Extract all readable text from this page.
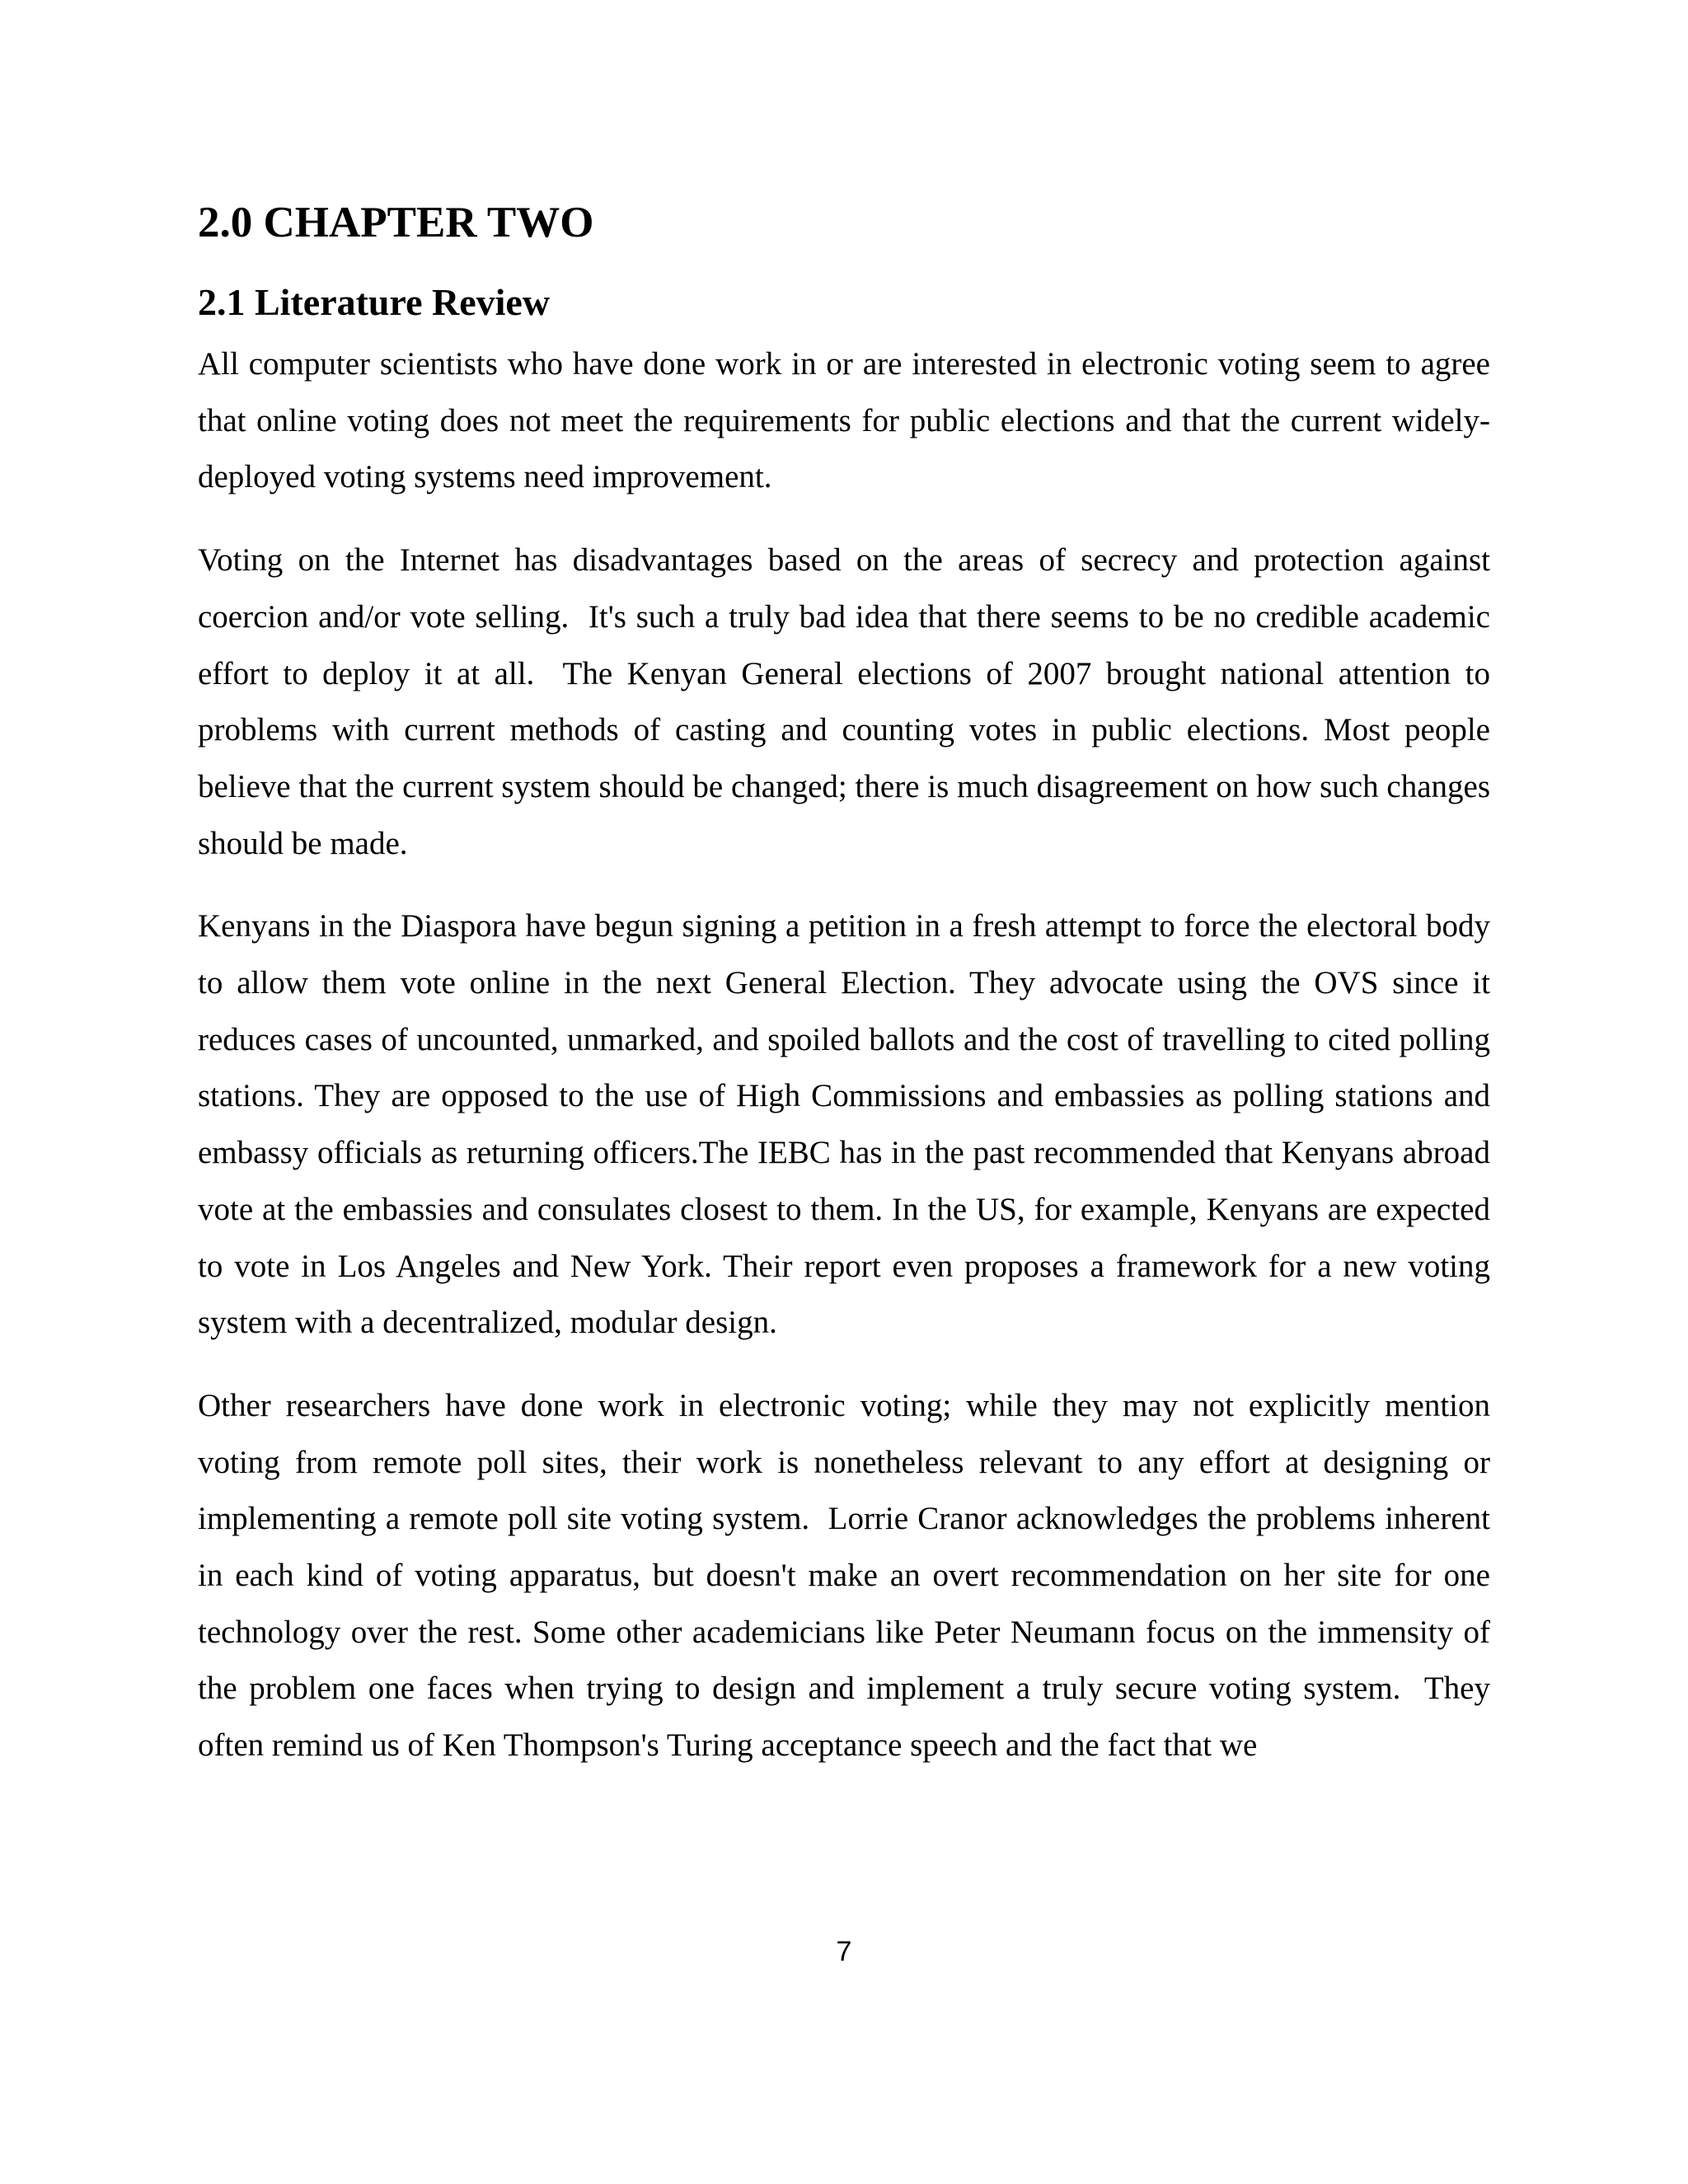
2.0 CHAPTER TWO
2.1 Literature Review

All computer scientists who have done work in or are interested in electronic voting seem to agree that online voting does not meet the requirements for public elections and that the current widely-deployed voting systems need improvement.

Voting on the Internet has disadvantages based on the areas of secrecy and protection against coercion and/or vote selling.  It's such a truly bad idea that there seems to be no credible academic effort to deploy it at all.  The Kenyan General elections of 2007 brought national attention to problems with current methods of casting and counting votes in public elections. Most people believe that the current system should be changed; there is much disagreement on how such changes should be made.

Kenyans in the Diaspora have begun signing a petition in a fresh attempt to force the electoral body to allow them vote online in the next General Election. They advocate using the OVS since it reduces cases of uncounted, unmarked, and spoiled ballots and the cost of travelling to cited polling stations. They are opposed to the use of High Commissions and embassies as polling stations and embassy officials as returning officers.The IEBC has in the past recommended that Kenyans abroad vote at the embassies and consulates closest to them. In the US, for example, Kenyans are expected to vote in Los Angeles and New York. Their report even proposes a framework for a new voting system with a decentralized, modular design.

Other researchers have done work in electronic voting; while they may not explicitly mention voting from remote poll sites, their work is nonetheless relevant to any effort at designing or implementing a remote poll site voting system.  Lorrie Cranor acknowledges the problems inherent in each kind of voting apparatus, but doesn't make an overt recommendation on her site for one technology over the rest. Some other academicians like Peter Neumann focus on the immensity of the problem one faces when trying to design and implement a truly secure voting system.  They often remind us of Ken Thompson's Turing acceptance speech and the fact that we

7
